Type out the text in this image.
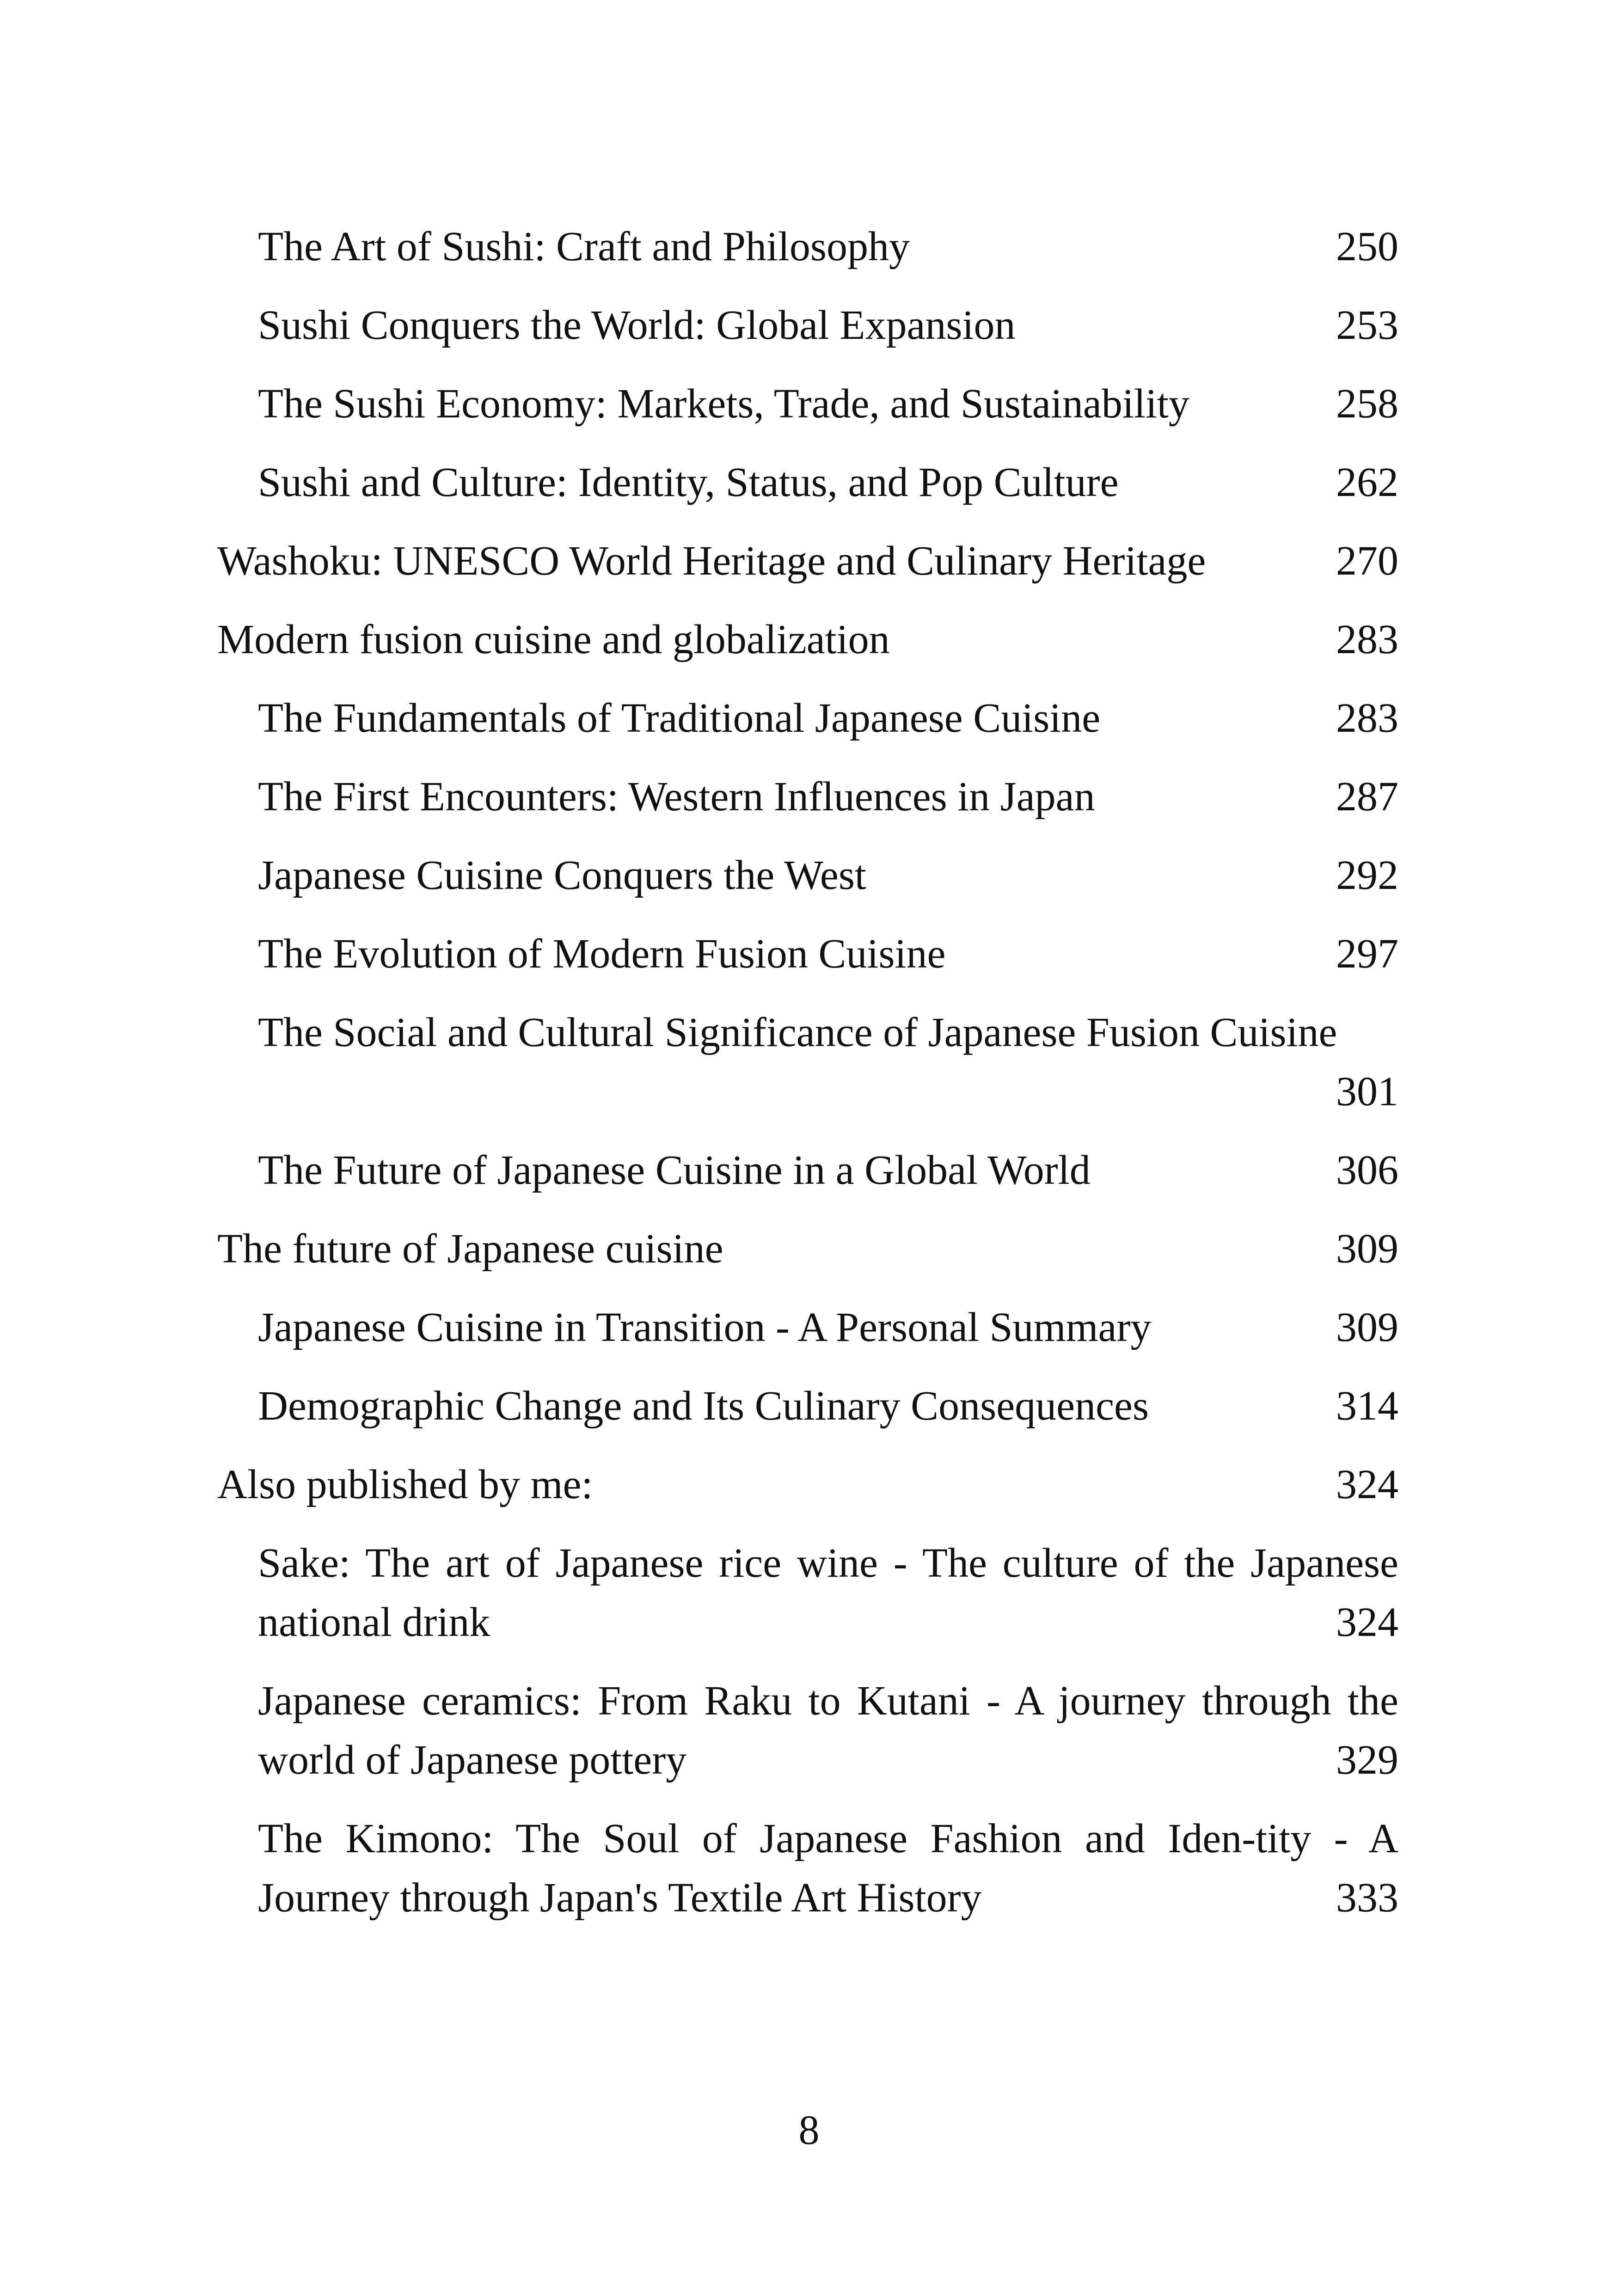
The Art of Sushi: Craft and Philosophy	250
Sushi Conquers the World: Global Expansion	253
The Sushi Economy: Markets, Trade, and Sustainability	258
Sushi and Culture: Identity, Status, and Pop Culture	262
Washoku: UNESCO World Heritage and Culinary Heritage	270
Modern fusion cuisine and globalization	283
The Fundamentals of Traditional Japanese Cuisine	283
The First Encounters: Western Influences in Japan	287
Japanese Cuisine Conquers the West	292
The Evolution of Modern Fusion Cuisine	297
The Social and Cultural Significance of Japanese Fusion Cuisine

301
The Future of Japanese Cuisine in a Global World	306
The future of Japanese cuisine	309
Japanese Cuisine in Transition - A Personal Summary	309
Demographic Change and Its Culinary Consequences	314
Also published by me:	324
Sake: The art of Japanese rice wine - The culture of the Japanese
national drink	324
Japanese ceramics: From Raku to Kutani - A journey through the
world of Japanese pottery	329
The Kimono: The Soul of Japanese Fashion and Iden-tity - A
Journey through Japan's Textile Art History	333
8
